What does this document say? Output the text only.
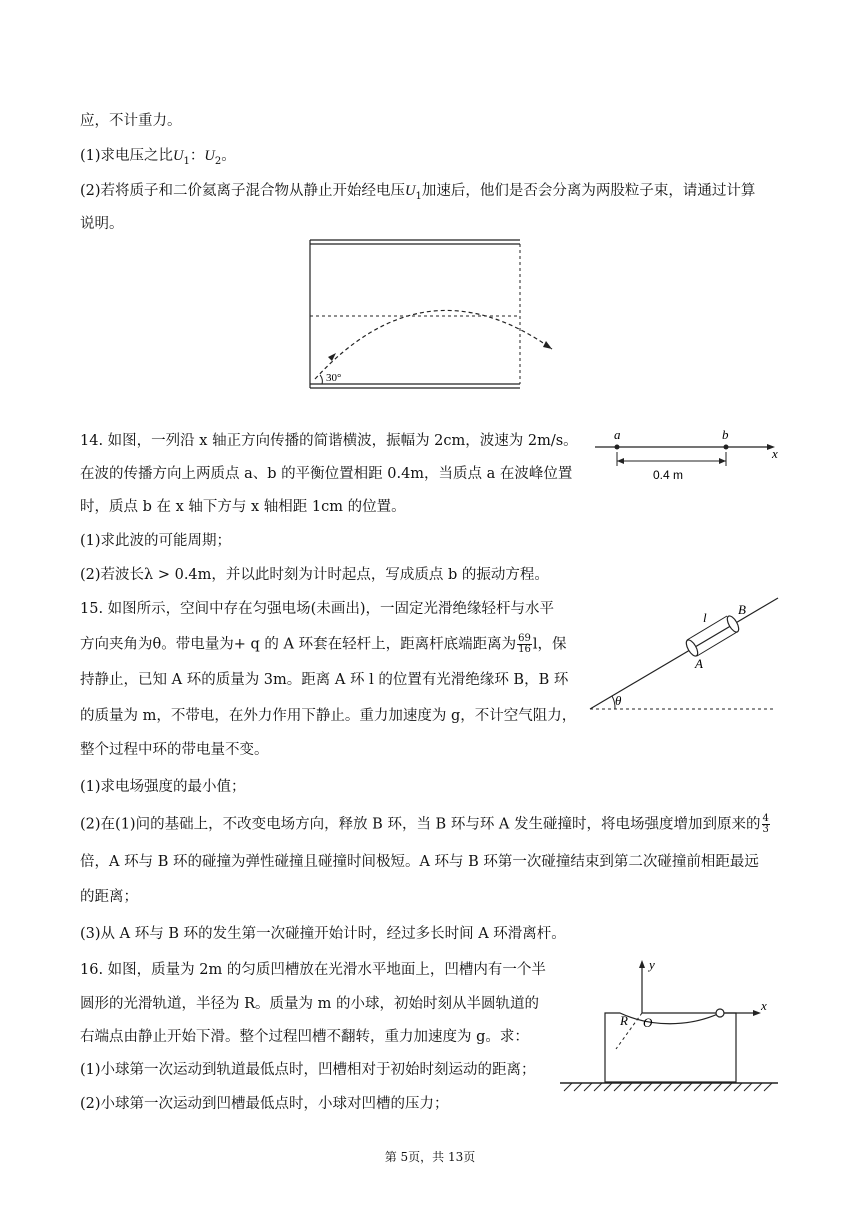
应，不计重力。
(1)求电压之比$U_1$：$U_2$。
(2)若将质子和二价氦离子混合物从静止开始经电压$U_1$加速后，他们是否会分离为两股粒子束，请通过计算
说明。
30°
14. 如图，一列沿 x 轴正方向传播的简谐横波，振幅为 2cm，波速为 2m/s。
在波的传播方向上两质点 a、b 的平衡位置相距 0.4m，当质点 a 在波峰位置
时，质点 b 在 x 轴下方与 x 轴相距 1cm 的位置。
(1)求此波的可能周期；
(2)若波长λ > 0.4m，并以此时刻为计时起点，写成质点 b 的振动方程。
a	b
x
0.4 m
15. 如图所示，空间中存在匀强电场(未画出)，一固定光滑绝缘轻杆与水平
方向夹角为θ。带电量为+ q 的 A 环套在轻杆上，距离杆底端距离为 $\frac{69}{16}$ l，保
持静止，已知 A 环的质量为 3m。距离 A 环 l 的位置有光滑绝缘环 B，B 环
的质量为 m，不带电，在外力作用下静止。重力加速度为 g，不计空气阻力，
整个过程中环的带电量不变。
(1)求电场强度的最小值；
(2)在(1)问的基础上，不改变电场方向，释放 B 环，当 B 环与环 A 发生碰撞时，将电场强度增加到原来的 $\frac{4}{3}$
倍，A 环与 B 环的碰撞为弹性碰撞且碰撞时间极短。A 环与 B 环第一次碰撞结束到第二次碰撞前相距最远
的距离；
(3)从 A 环与 B 环的发生第一次碰撞开始计时，经过多长时间 A 环滑离杆。
θ
l
A
B
16. 如图，质量为 2m 的匀质凹槽放在光滑水平地面上，凹槽内有一个半
圆形的光滑轨道，半径为 R。质量为 m 的小球，初始时刻从半圆轨道的
右端点由静止开始下滑。整个过程凹槽不翻转，重力加速度为 g。求：
(1)小球第一次运动到轨道最低点时，凹槽相对于初始时刻运动的距离；
(2)小球第一次运动到凹槽最低点时，小球对凹槽的压力；
y
x
O
R
第 5页，共 13页
